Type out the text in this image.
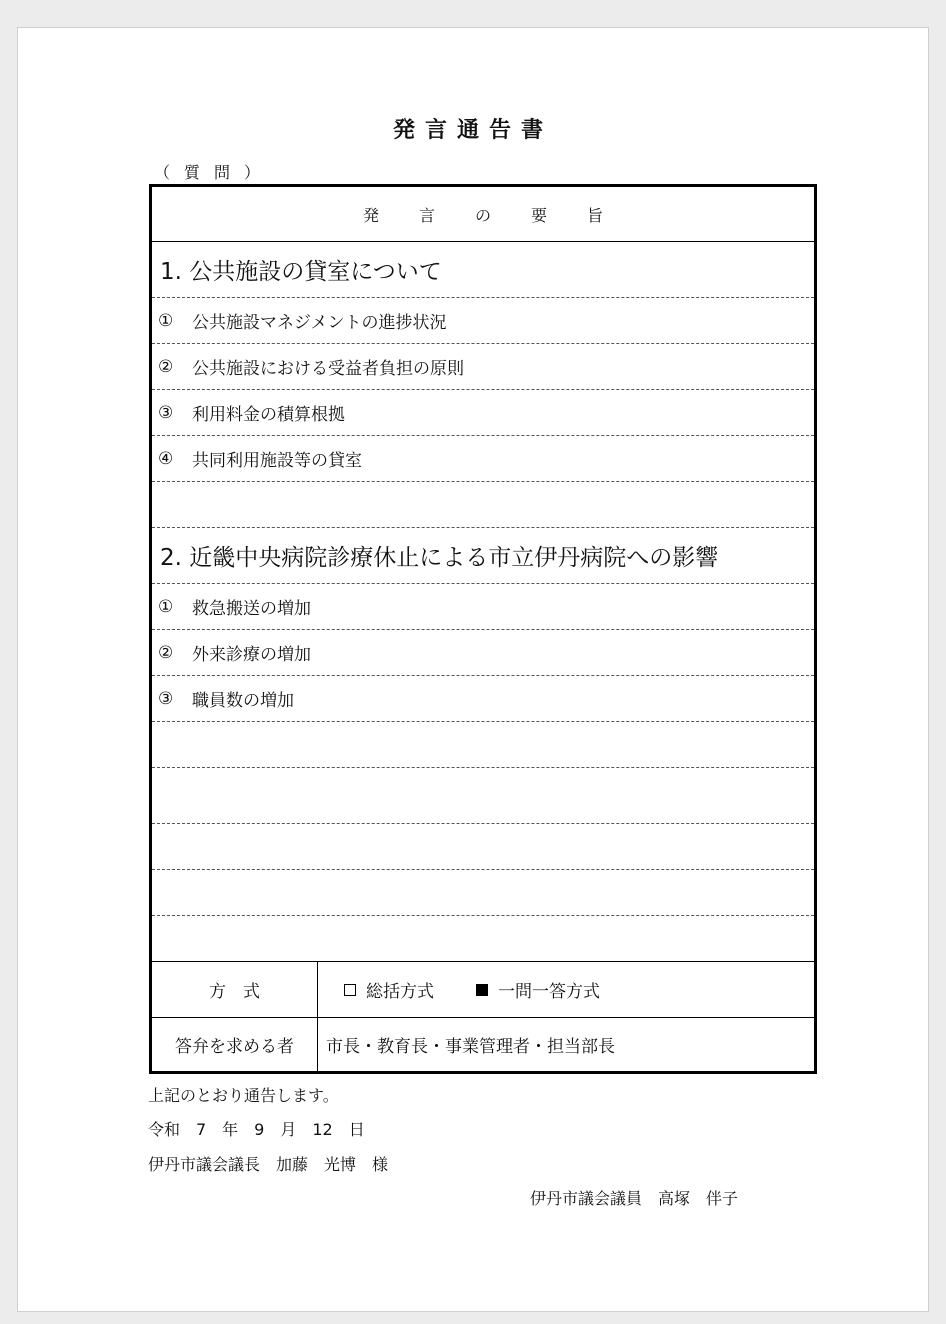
発言通告書
（質問）
発言の要旨
1. 公共施設の貸室について
①	公共施設マネジメントの進捗状況
②	公共施設における受益者負担の原則
③	利用料金の積算根拠
④	共同利用施設等の貸室
2. 近畿中央病院診療休止による市立伊丹病院への影響
①	救急搬送の増加
②	外来診療の増加
③	職員数の増加
方　式	総括方式	一問一答方式
答弁を求める者	市長・教育長・事業管理者・担当部長
上記のとおり通告します。
令和　7　年　9　月　12　日
伊丹市議会議長　加藤　光博　様
伊丹市議会議員　高塚　伴子
